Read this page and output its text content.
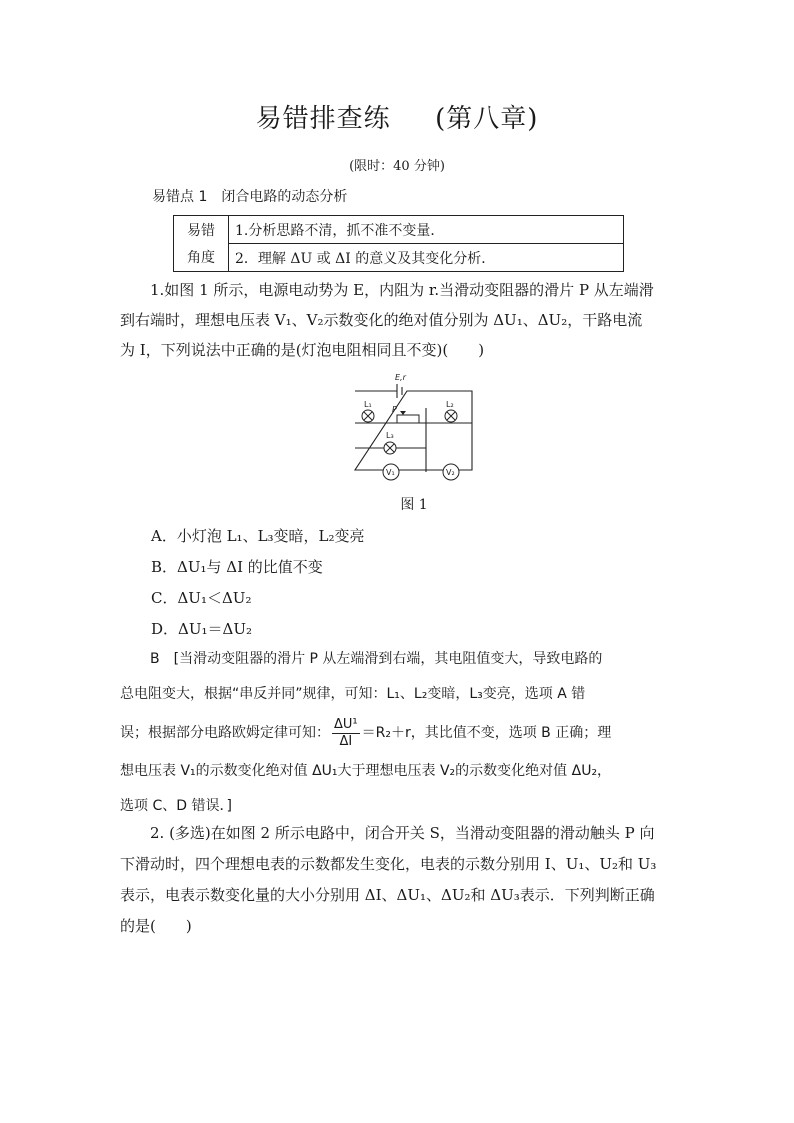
易错排查练 (第八章)
(限时：40 分钟)
易错点 1　闭合电路的动态分析
易错	1.分析思路不清，抓不准不变量．
角度	2．理解 ΔU 或 ΔI 的意义及其变化分析．
1.如图 1 所示，电源电动势为 E，内阻为 r.当滑动变阻器的滑片 P 从左端滑
到右端时，理想电压表 V₁、V₂示数变化的绝对值分别为 ΔU₁、ΔU₂，干路电流
为 I，下列说法中正确的是(灯泡电阻相同且不变)(　　)
E,r
L₁	L₂
L₃
P
V₁	V₂
图 1
A．小灯泡 L₁、L₃变暗，L₂变亮
B．ΔU₁与 ΔI 的比值不变
C．ΔU₁＜ΔU₂
D．ΔU₁＝ΔU₂
B　[当滑动变阻器的滑片 P 从左端滑到右端，其电阻值变大，导致电路的
总电阻变大，根据“串反并同”规律，可知：L₁、L₂变暗，L₃变亮，选项 A 错
误；根据部分电路欧姆定律可知： $\frac{\text{ΔU¹}}{\Delta I} =R_2+r$，其比值不变，选项 B 正确；理
想电压表 V₁的示数变化绝对值 ΔU₁大于理想电压表 V₂的示数变化绝对值 ΔU₂，
选项 C、D 错误．]
2. (多选)在如图 2 所示电路中，闭合开关 S，当滑动变阻器的滑动触头 P 向
下滑动时，四个理想电表的示数都发生变化，电表的示数分别用 I、U₁、U₂和 U₃
表示，电表示数变化量的大小分别用 ΔI、ΔU₁、ΔU₂和 ΔU₃表示．下列判断正确
的是(　　)
